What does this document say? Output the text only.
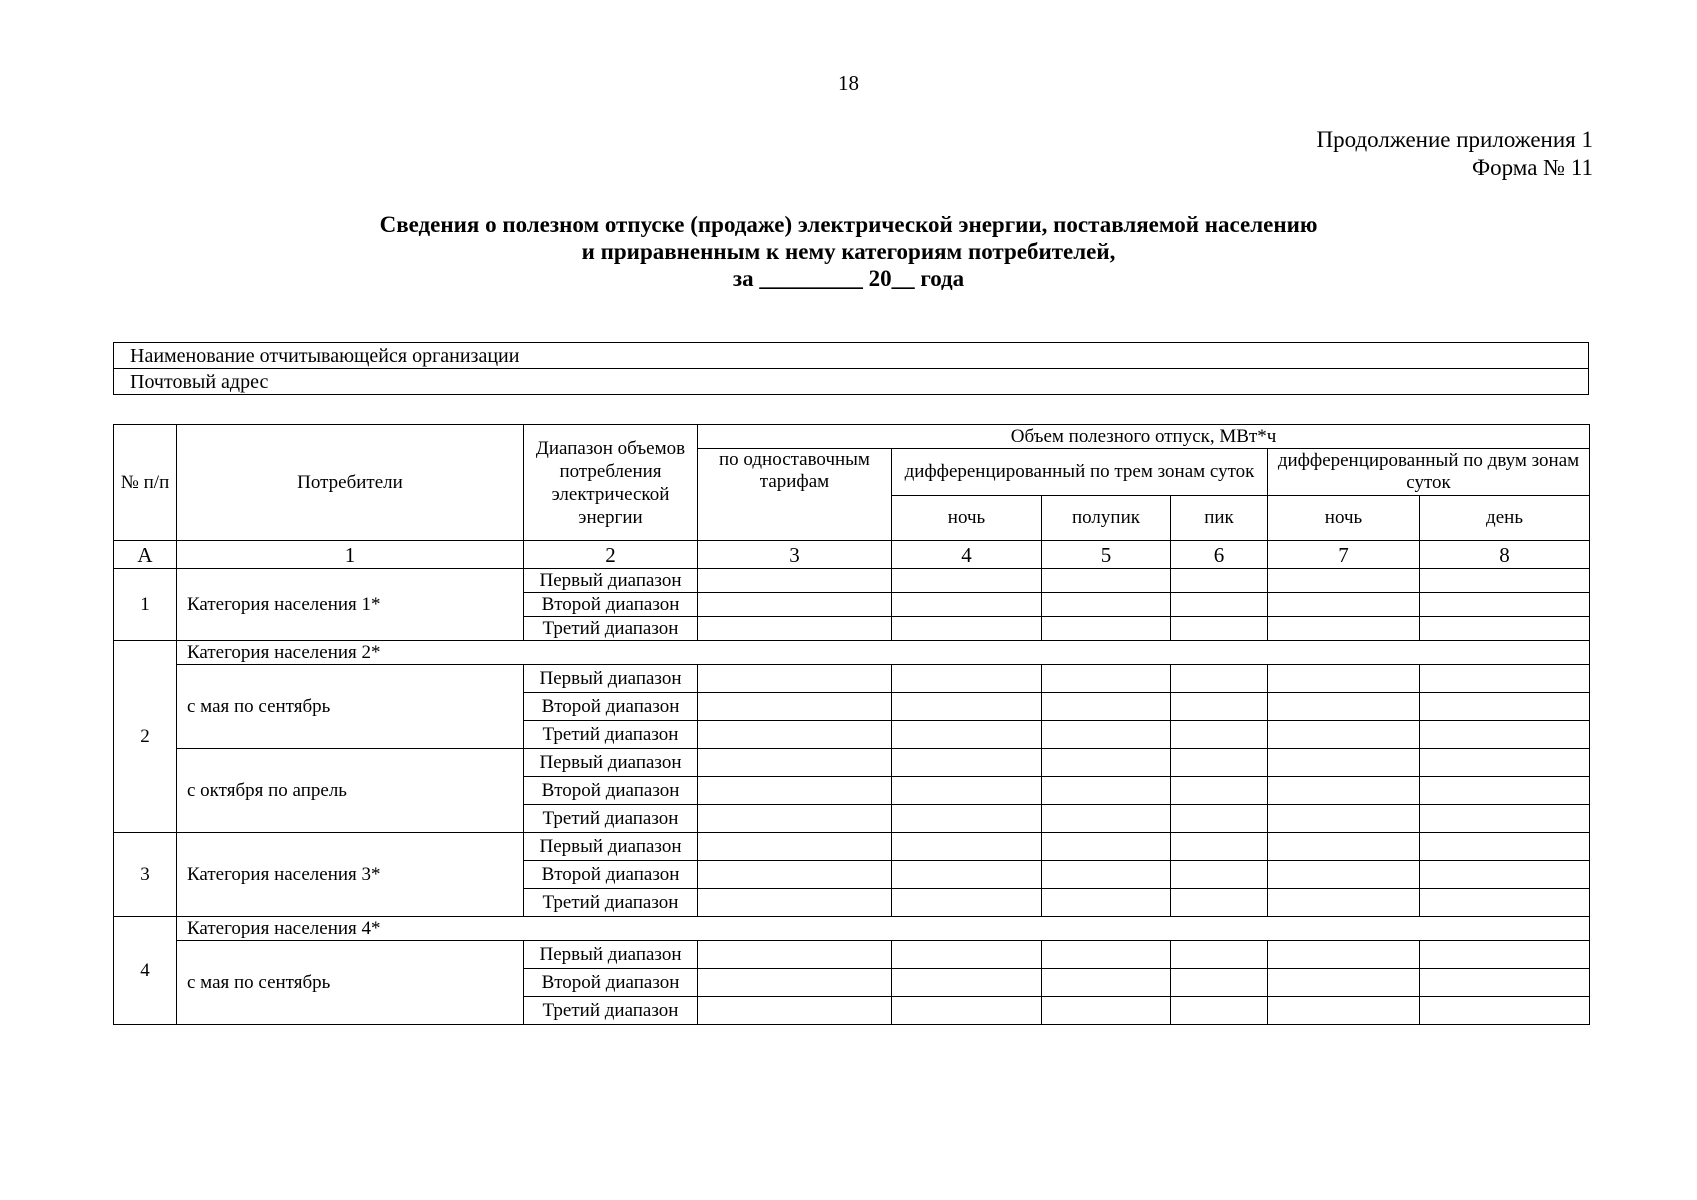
18
Продолжение приложения 1
Форма № 11
Сведения о полезном отпуске (продаже) электрической энергии, поставляемой населению
и приравненным к нему категориям потребителей,
за _________ 20__ года
Наименование отчитывающейся организации
Почтовый адрес
№ п/п	Потребители	Диапазон объемов потребления электрической энергии	Объем полезного отпуск, МВт*ч					
			по одноставочным тарифам	дифференцированный по трем зонам суток			дифференцированный по двум зонам суток	
				ночь	полупик	пик	ночь	день
А	1	2	3	4	5	6	7	8
1	Категория населения 1*	Первый диапазон						
		Второй диапазон						
		Третий диапазон						
2	Категория населения 2*							
	с мая по сентябрь	Первый диапазон						
		Второй диапазон						
		Третий диапазон						
	с октября по апрель	Первый диапазон						
		Второй диапазон						
		Третий диапазон						
3	Категория населения 3*	Первый диапазон						
		Второй диапазон						
		Третий диапазон						
4	Категория населения 4*							
	с мая по сентябрь	Первый диапазон						
		Второй диапазон						
		Третий диапазон						
